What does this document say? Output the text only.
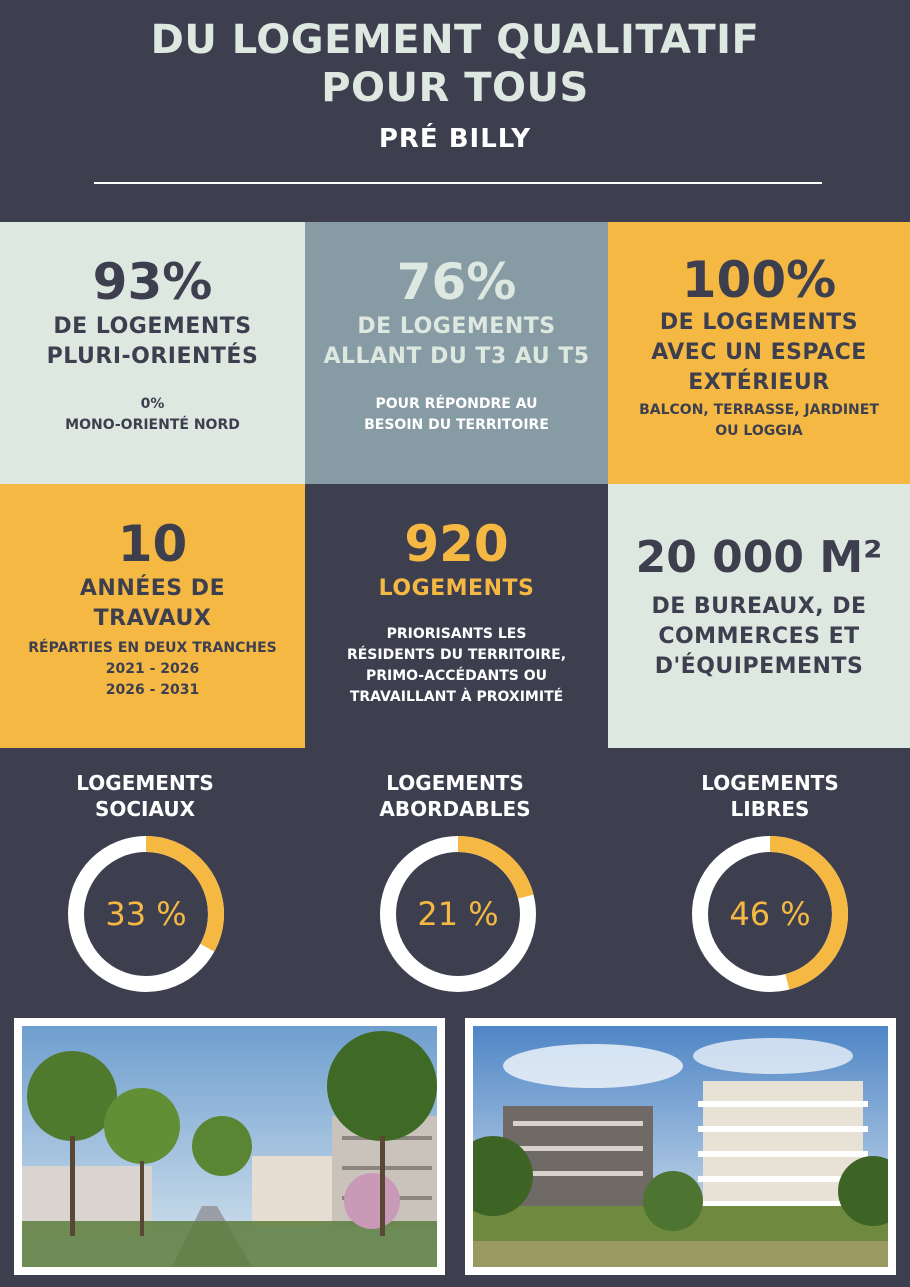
DU LOGEMENT QUALITATIF
POUR TOUS
PRÉ BILLY
93%
DE LOGEMENTS
PLURI-ORIENTÉS
0%
MONO-ORIENTÉ NORD
76%
DE LOGEMENTS
ALLANT DU T3 AU T5
POUR RÉPONDRE AU
BESOIN DU TERRITOIRE
100%
DE LOGEMENTS
AVEC UN ESPACE
EXTÉRIEUR
BALCON, TERRASSE, JARDINET
OU LOGGIA
10
ANNÉES DE
TRAVAUX
RÉPARTIES EN DEUX TRANCHES
2021 - 2026
2026 - 2031
920
LOGEMENTS
PRIORISANTS LES
RÉSIDENTS DU TERRITOIRE,
PRIMO-ACCÉDANTS OU
TRAVAILLANT À PROXIMITÉ
20 000 M²
DE BUREAUX, DE
COMMERCES ET
D'ÉQUIPEMENTS
LOGEMENTS
SOCIAUX
33 %
LOGEMENTS
ABORDABLES
21 %
LOGEMENTS
LIBRES
46 %
